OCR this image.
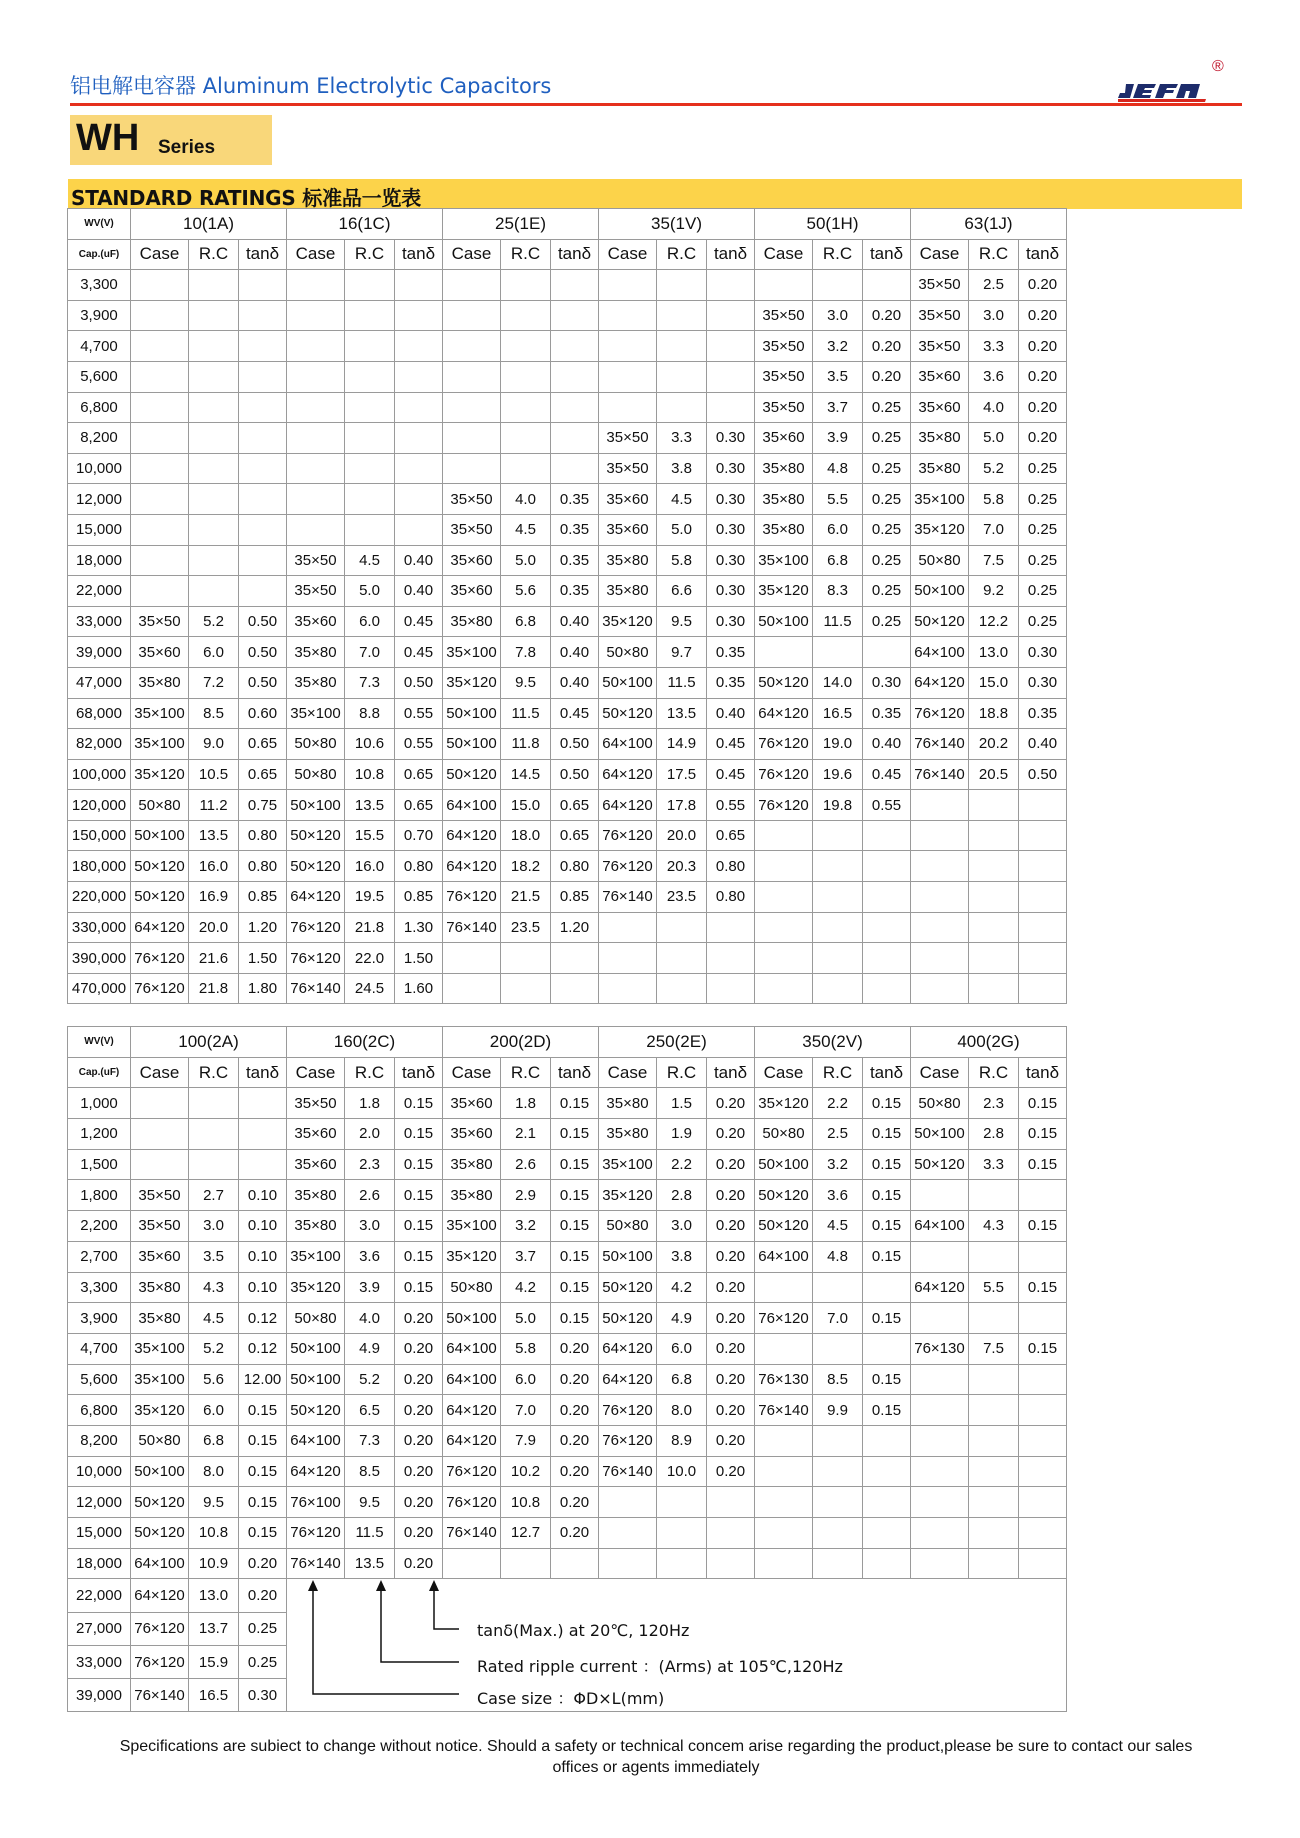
铝电解电容器 Aluminum Electrolytic Capacitors
®
WH Series
STANDARD RATINGS 标准品一览表
WV(V)	10(1A)			16(1C)			25(1E)			35(1V)			50(1H)			63(1J)		
Cap.(uF)	Case	R.C	tanδ	Case	R.C	tanδ	Case	R.C	tanδ	Case	R.C	tanδ	Case	R.C	tanδ	Case	R.C	tanδ
3,300																35×50	2.5	0.20
3,900													35×50	3.0	0.20	35×50	3.0	0.20
4,700													35×50	3.2	0.20	35×50	3.3	0.20
5,600													35×50	3.5	0.20	35×60	3.6	0.20
6,800													35×50	3.7	0.25	35×60	4.0	0.20
8,200										35×50	3.3	0.30	35×60	3.9	0.25	35×80	5.0	0.20
10,000										35×50	3.8	0.30	35×80	4.8	0.25	35×80	5.2	0.25
12,000							35×50	4.0	0.35	35×60	4.5	0.30	35×80	5.5	0.25	35×100	5.8	0.25
15,000							35×50	4.5	0.35	35×60	5.0	0.30	35×80	6.0	0.25	35×120	7.0	0.25
18,000				35×50	4.5	0.40	35×60	5.0	0.35	35×80	5.8	0.30	35×100	6.8	0.25	50×80	7.5	0.25
22,000				35×50	5.0	0.40	35×60	5.6	0.35	35×80	6.6	0.30	35×120	8.3	0.25	50×100	9.2	0.25
33,000	35×50	5.2	0.50	35×60	6.0	0.45	35×80	6.8	0.40	35×120	9.5	0.30	50×100	11.5	0.25	50×120	12.2	0.25
39,000	35×60	6.0	0.50	35×80	7.0	0.45	35×100	7.8	0.40	50×80	9.7	0.35				64×100	13.0	0.30
47,000	35×80	7.2	0.50	35×80	7.3	0.50	35×120	9.5	0.40	50×100	11.5	0.35	50×120	14.0	0.30	64×120	15.0	0.30
68,000	35×100	8.5	0.60	35×100	8.8	0.55	50×100	11.5	0.45	50×120	13.5	0.40	64×120	16.5	0.35	76×120	18.8	0.35
82,000	35×100	9.0	0.65	50×80	10.6	0.55	50×100	11.8	0.50	64×100	14.9	0.45	76×120	19.0	0.40	76×140	20.2	0.40
100,000	35×120	10.5	0.65	50×80	10.8	0.65	50×120	14.5	0.50	64×120	17.5	0.45	76×120	19.6	0.45	76×140	20.5	0.50
120,000	50×80	11.2	0.75	50×100	13.5	0.65	64×100	15.0	0.65	64×120	17.8	0.55	76×120	19.8	0.55			
150,000	50×100	13.5	0.80	50×120	15.5	0.70	64×120	18.0	0.65	76×120	20.0	0.65						
180,000	50×120	16.0	0.80	50×120	16.0	0.80	64×120	18.2	0.80	76×120	20.3	0.80						
220,000	50×120	16.9	0.85	64×120	19.5	0.85	76×120	21.5	0.85	76×140	23.5	0.80						
330,000	64×120	20.0	1.20	76×120	21.8	1.30	76×140	23.5	1.20									
390,000	76×120	21.6	1.50	76×120	22.0	1.50												
470,000	76×120	21.8	1.80	76×140	24.5	1.60												
WV(V)	100(2A)			160(2C)			200(2D)			250(2E)			350(2V)			400(2G)		
Cap.(uF)	Case	R.C	tanδ	Case	R.C	tanδ	Case	R.C	tanδ	Case	R.C	tanδ	Case	R.C	tanδ	Case	R.C	tanδ
1,000				35×50	1.8	0.15	35×60	1.8	0.15	35×80	1.5	0.20	35×120	2.2	0.15	50×80	2.3	0.15
1,200				35×60	2.0	0.15	35×60	2.1	0.15	35×80	1.9	0.20	50×80	2.5	0.15	50×100	2.8	0.15
1,500				35×60	2.3	0.15	35×80	2.6	0.15	35×100	2.2	0.20	50×100	3.2	0.15	50×120	3.3	0.15
1,800	35×50	2.7	0.10	35×80	2.6	0.15	35×80	2.9	0.15	35×120	2.8	0.20	50×120	3.6	0.15			
2,200	35×50	3.0	0.10	35×80	3.0	0.15	35×100	3.2	0.15	50×80	3.0	0.20	50×120	4.5	0.15	64×100	4.3	0.15
2,700	35×60	3.5	0.10	35×100	3.6	0.15	35×120	3.7	0.15	50×100	3.8	0.20	64×100	4.8	0.15			
3,300	35×80	4.3	0.10	35×120	3.9	0.15	50×80	4.2	0.15	50×120	4.2	0.20				64×120	5.5	0.15
3,900	35×80	4.5	0.12	50×80	4.0	0.20	50×100	5.0	0.15	50×120	4.9	0.20	76×120	7.0	0.15			
4,700	35×100	5.2	0.12	50×100	4.9	0.20	64×100	5.8	0.20	64×120	6.0	0.20				76×130	7.5	0.15
5,600	35×100	5.6	12.00	50×100	5.2	0.20	64×100	6.0	0.20	64×120	6.8	0.20	76×130	8.5	0.15			
6,800	35×120	6.0	0.15	50×120	6.5	0.20	64×120	7.0	0.20	76×120	8.0	0.20	76×140	9.9	0.15			
8,200	50×80	6.8	0.15	64×100	7.3	0.20	64×120	7.9	0.20	76×120	8.9	0.20						
10,000	50×100	8.0	0.15	64×120	8.5	0.20	76×120	10.2	0.20	76×140	10.0	0.20						
12,000	50×120	9.5	0.15	76×100	9.5	0.20	76×120	10.8	0.20									
15,000	50×120	10.8	0.15	76×120	11.5	0.20	76×140	12.7	0.20									
18,000	64×100	10.9	0.20	76×140	13.5	0.20												
22,000	64×120	13.0	0.20	tanδ(Max.) at 20℃, 120Hz
Rated ripple current ：(Arms) at 105℃,120Hz
Case size ：ΦD×L(mm)														

27,000	76×120	13.7	0.25															
33,000	76×120	15.9	0.25															
39,000	76×140	16.5	0.30															
Specifications are subiect to change without notice. Should a safety or technical concem arise regarding the product,please be sure to contact our sales
offices or agents immediately
